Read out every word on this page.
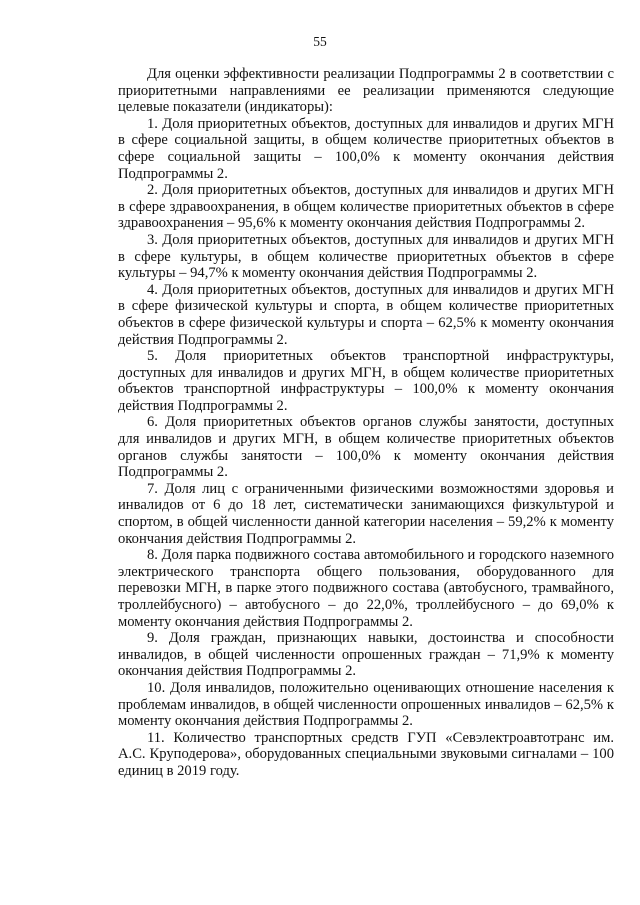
55

Для оценки эффективности реализации Подпрограммы 2 в соответствии с приоритетными направлениями ее реализации применяются следующие целевые показатели (индикаторы):

1. Доля приоритетных объектов, доступных для инвалидов и других МГН в сфере социальной защиты, в общем количестве приоритетных объектов в сфере социальной защиты – 100,0% к моменту окончания действия Подпрограммы 2.

2. Доля приоритетных объектов, доступных для инвалидов и других МГН в сфере здравоохранения, в общем количестве приоритетных объектов в сфере здравоохранения – 95,6% к моменту окончания действия Подпрограммы 2.

3. Доля приоритетных объектов, доступных для инвалидов и других МГН в сфере культуры, в общем количестве приоритетных объектов в сфере культуры – 94,7% к моменту окончания действия Подпрограммы 2.

4. Доля приоритетных объектов, доступных для инвалидов и других МГН в сфере физической культуры и спорта, в общем количестве приоритетных объектов в сфере физической культуры и спорта – 62,5% к моменту окончания действия Подпрограммы 2.

5. Доля приоритетных объектов транспортной инфраструктуры, доступных для инвалидов и других МГН, в общем количестве приоритетных объектов транспортной инфраструктуры – 100,0% к моменту окончания действия Подпрограммы 2.

6. Доля приоритетных объектов органов службы занятости, доступных для инвалидов и других МГН, в общем количестве приоритетных объектов органов службы занятости – 100,0% к моменту окончания действия Подпрограммы 2.

7. Доля лиц с ограниченными физическими возможностями здоровья и инвалидов от 6 до 18 лет, систематически занимающихся физкультурой и спортом, в общей численности данной категории населения – 59,2% к моменту окончания действия Подпрограммы 2.

8. Доля парка подвижного состава автомобильного и городского наземного электрического транспорта общего пользования, оборудованного для перевозки МГН, в парке этого подвижного состава (автобусного, трамвайного, троллейбусного) – автобусного – до 22,0%, троллейбусного – до 69,0% к моменту окончания действия Подпрограммы 2.

9. Доля граждан, признающих навыки, достоинства и способности инвалидов, в общей численности опрошенных граждан – 71,9% к моменту окончания действия Подпрограммы 2.

10. Доля инвалидов, положительно оценивающих отношение населения к проблемам инвалидов, в общей численности опрошенных инвалидов – 62,5% к моменту окончания действия Подпрограммы 2.

11. Количество транспортных средств ГУП «Севэлектроавтотранс им. А.С. Круподерова», оборудованных специальными звуковыми сигналами – 100 единиц в 2019 году.
